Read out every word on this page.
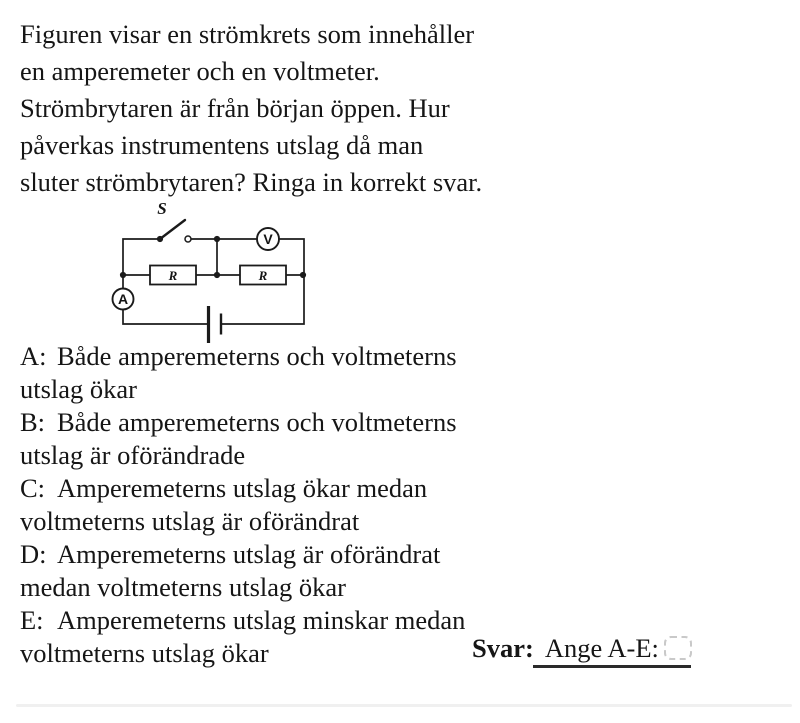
Figuren visar en strömkrets som innehåller
en amperemeter och en voltmeter.
Strömbrytaren är från början öppen. Hur
påverkas instrumentens utslag då man
sluter strömbrytaren? Ringa in korrekt svar.
S
V
A
R	R
A: Både amperemeterns och voltmeterns
utslag ökar
B: Både amperemeterns och voltmeterns
utslag är oförändrade
C: Amperemeterns utslag ökar medan
voltmeterns utslag är oförändrat
D: Amperemeterns utslag är oförändrat
medan voltmeterns utslag ökar
E: Amperemeterns utslag minskar medan
voltmeterns utslag ökar	Svar: Ange A-E:
